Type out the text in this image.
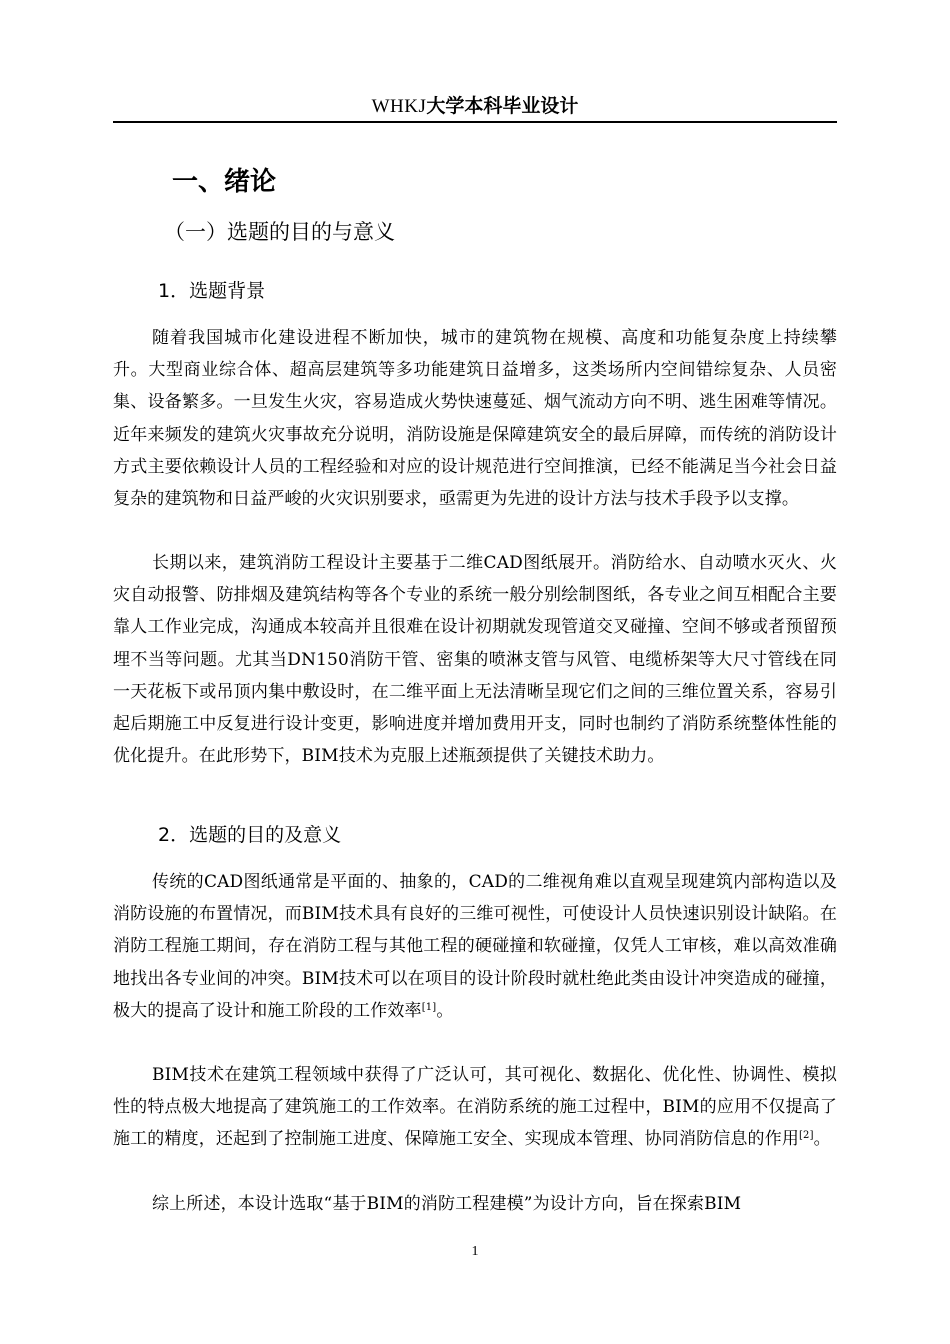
WHKJ大学本科毕业设计
一、绪论
（一）选题的目的与意义
1．选题背景

随着我国城市化建设进程不断加快，城市的建筑物在规模、高度和功能复杂度上持续攀升。大型商业综合体、超高层建筑等多功能建筑日益增多，这类场所内空间错综复杂、人员密集、设备繁多。一旦发生火灾，容易造成火势快速蔓延、烟气流动方向不明、逃生困难等情况。近年来频发的建筑火灾事故充分说明，消防设施是保障建筑安全的最后屏障，而传统的消防设计方式主要依赖设计人员的工程经验和对应的设计规范进行空间推演，已经不能满足当今社会日益复杂的建筑物和日益严峻的火灾识别要求，亟需更为先进的设计方法与技术手段予以支撑。

长期以来，建筑消防工程设计主要基于二维CAD图纸展开。消防给水、自动喷水灭火、火灾自动报警、防排烟及建筑结构等各个专业的系统一般分别绘制图纸，各专业之间互相配合主要靠人工作业完成，沟通成本较高并且很难在设计初期就发现管道交叉碰撞、空间不够或者预留预埋不当等问题。尤其当DN150消防干管、密集的喷淋支管与风管、电缆桥架等大尺寸管线在同一天花板下或吊顶内集中敷设时，在二维平面上无法清晰呈现它们之间的三维位置关系，容易引起后期施工中反复进行设计变更，影响进度并增加费用开支，同时也制约了消防系统整体性能的优化提升。在此形势下，BIM技术为克服上述瓶颈提供了关键技术助力。

2．选题的目的及意义

传统的CAD图纸通常是平面的、抽象的，CAD的二维视角难以直观呈现建筑内部构造以及消防设施的布置情况，而BIM技术具有良好的三维可视性，可使设计人员快速识别设计缺陷。在消防工程施工期间，存在消防工程与其他工程的硬碰撞和软碰撞，仅凭人工审核，难以高效准确地找出各专业间的冲突。BIM技术可以在项目的设计阶段时就杜绝此类由设计冲突造成的碰撞，极大的提高了设计和施工阶段的工作效率[1]。

BIM技术在建筑工程领域中获得了广泛认可，其可视化、数据化、优化性、协调性、模拟性的特点极大地提高了建筑施工的工作效率。在消防系统的施工过程中，BIM的应用不仅提高了施工的精度，还起到了控制施工进度、保障施工安全、实现成本管理、协同消防信息的作用[2]。

综上所述，本设计选取“基于BIM的消防工程建模”为设计方向，旨在探索BIM

1
